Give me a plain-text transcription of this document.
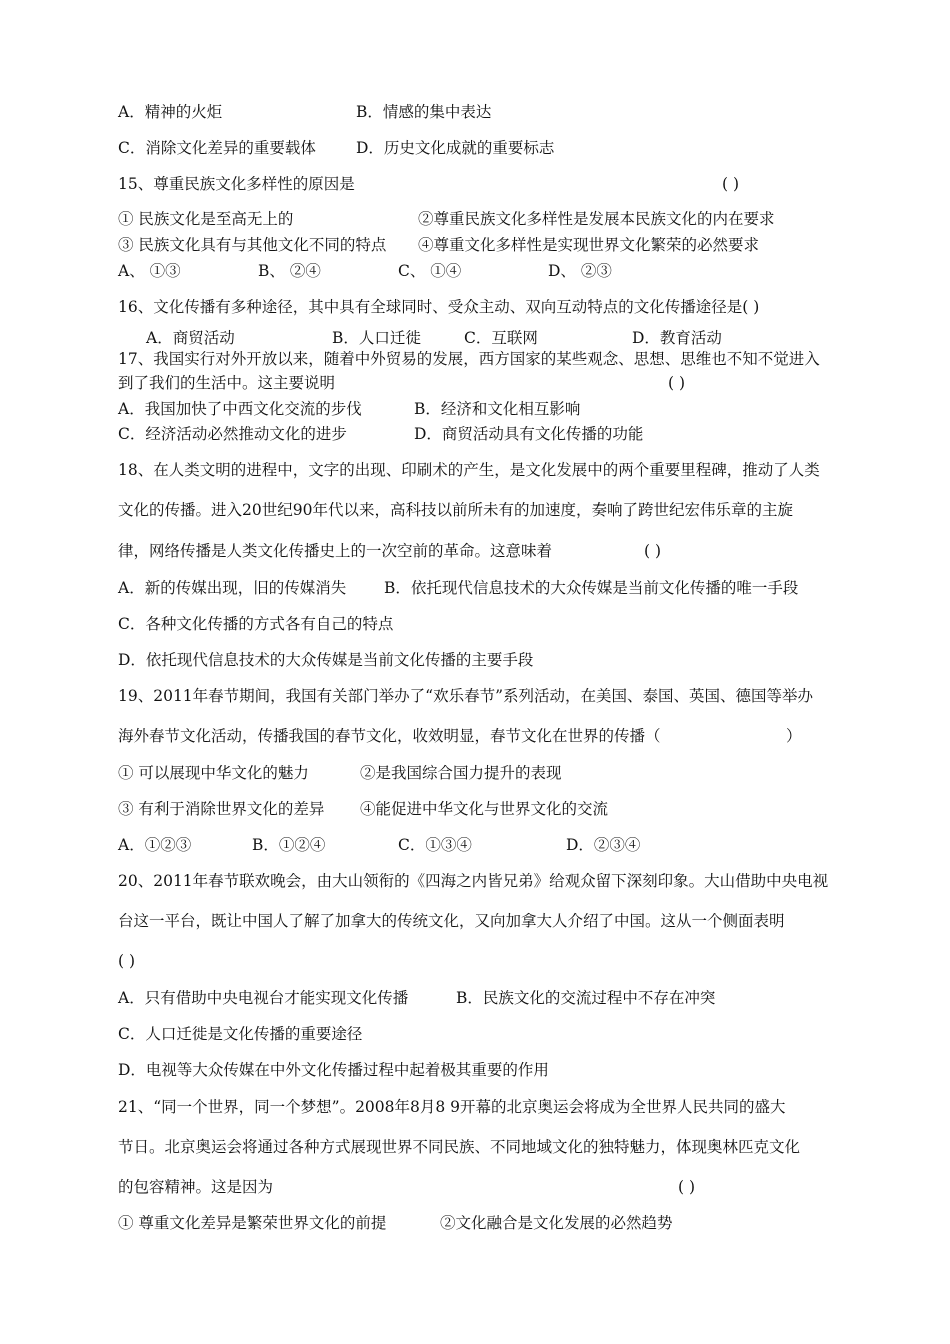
A．精神的火炬	B．情感的集中表达
C．消除文化差异的重要载体	D．历史文化成就的重要标志
15、尊重民族文化多样性的原因是	( )
① 民族文化是至高无上的	②尊重民族文化多样性是发展本民族文化的内在要求
③ 民族文化具有与其他文化不同的特点 ④尊重文化多样性是实现世界文化繁荣的必然要求
A、 ①③	B、 ②④	C、 ①④	D、 ②③
16、文化传播有多种途径，其中具有全球同时、受众主动、双向互动特点的文化传播途径是( )
A．商贸活动	B．人口迁徙	C．互联网	D．教育活动
17、我国实行对外开放以来，随着中外贸易的发展，西方国家的某些观念、思想、思维也不知不觉进入
到了我们的生活中。这主要说明	( )
A．我国加快了中西文化交流的步伐	B．经济和文化相互影响
C．经济活动必然推动文化的进步	D．商贸活动具有文化传播的功能
18、在人类文明的进程中，文字的出现、印刷术的产生，是文化发展中的两个重要里程碑，推动了人类
文化的传播。进入20世纪90年代以来，高科技以前所未有的加速度，奏响了跨世纪宏伟乐章的主旋
律，网络传播是人类文化传播史上的一次空前的革命。这意味着	( )
A．新的传媒出现，旧的传媒消失 B．依托现代信息技术的大众传媒是当前文化传播的唯一手段
C．各种文化传播的方式各有自己的特点
D．依托现代信息技术的大众传媒是当前文化传播的主要手段
19、2011年春节期间，我国有关部门举办了“欢乐春节”系列活动，在美国、泰国、英国、德国等举办
海外春节文化活动，传播我国的春节文化，收效明显，春节文化在世界的传播（	）
① 可以展现中华文化的魅力	②是我国综合国力提升的表现
③ 有利于消除世界文化的差异 ④能促进中华文化与世界文化的交流
A．①②③	B．①②④	C．①③④	D．②③④
20、2011年春节联欢晚会，由大山领衔的《四海之内皆兄弟》给观众留下深刻印象。大山借助中央电视
台这一平台，既让中国人了解了加拿大的传统文化，又向加拿大人介绍了中国。这从一个侧面表明
( )
A．只有借助中央电视台才能实现文化传播	B．民族文化的交流过程中不存在冲突
C．人口迁徙是文化传播的重要途径
D．电视等大众传媒在中外文化传播过程中起着极其重要的作用
21、“同一个世界，同一个梦想”。2008年8月8 9开幕的北京奥运会将成为全世界人民共同的盛大
节日。北京奥运会将通过各种方式展现世界不同民族、不同地域文化的独特魅力，体现奥林匹克文化
的包容精神。这是因为	( )
① 尊重文化差异是繁荣世界文化的前提	②文化融合是文化发展的必然趋势
